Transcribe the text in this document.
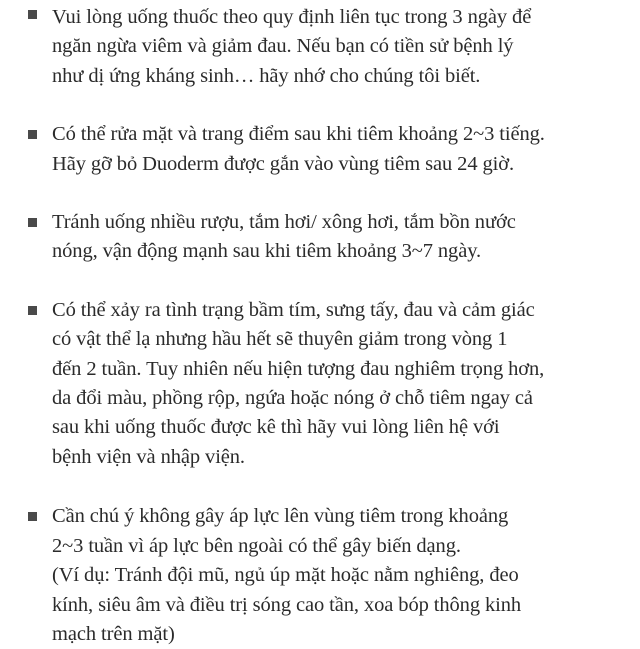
Vui lòng uống thuốc theo quy định liên tục trong 3 ngày để
ngăn ngừa viêm và giảm đau. Nếu bạn có tiền sử bệnh lý
như dị ứng kháng sinh… hãy nhớ cho chúng tôi biết.
Có thể rửa mặt và trang điểm sau khi tiêm khoảng 2~3 tiếng.
Hãy gỡ bỏ Duoderm được gắn vào vùng tiêm sau 24 giờ.
Tránh uống nhiều rượu, tắm hơi/ xông hơi, tắm bồn nước
nóng, vận động mạnh sau khi tiêm khoảng 3~7 ngày.
Có thể xảy ra tình trạng bầm tím, sưng tấy, đau và cảm giác
có vật thể lạ nhưng hầu hết sẽ thuyên giảm trong vòng 1
đến 2 tuần. Tuy nhiên nếu hiện tượng đau nghiêm trọng hơn,
da đổi màu, phồng rộp, ngứa hoặc nóng ở chỗ tiêm ngay cả
sau khi uống thuốc được kê thì hãy vui lòng liên hệ với
bệnh viện và nhập viện.
Cần chú ý không gây áp lực lên vùng tiêm trong khoảng
2~3 tuần vì áp lực bên ngoài có thể gây biến dạng.
(Ví dụ: Tránh đội mũ, ngủ úp mặt hoặc nằm nghiêng, đeo
kính, siêu âm và điều trị sóng cao tần, xoa bóp thông kinh
mạch trên mặt)
